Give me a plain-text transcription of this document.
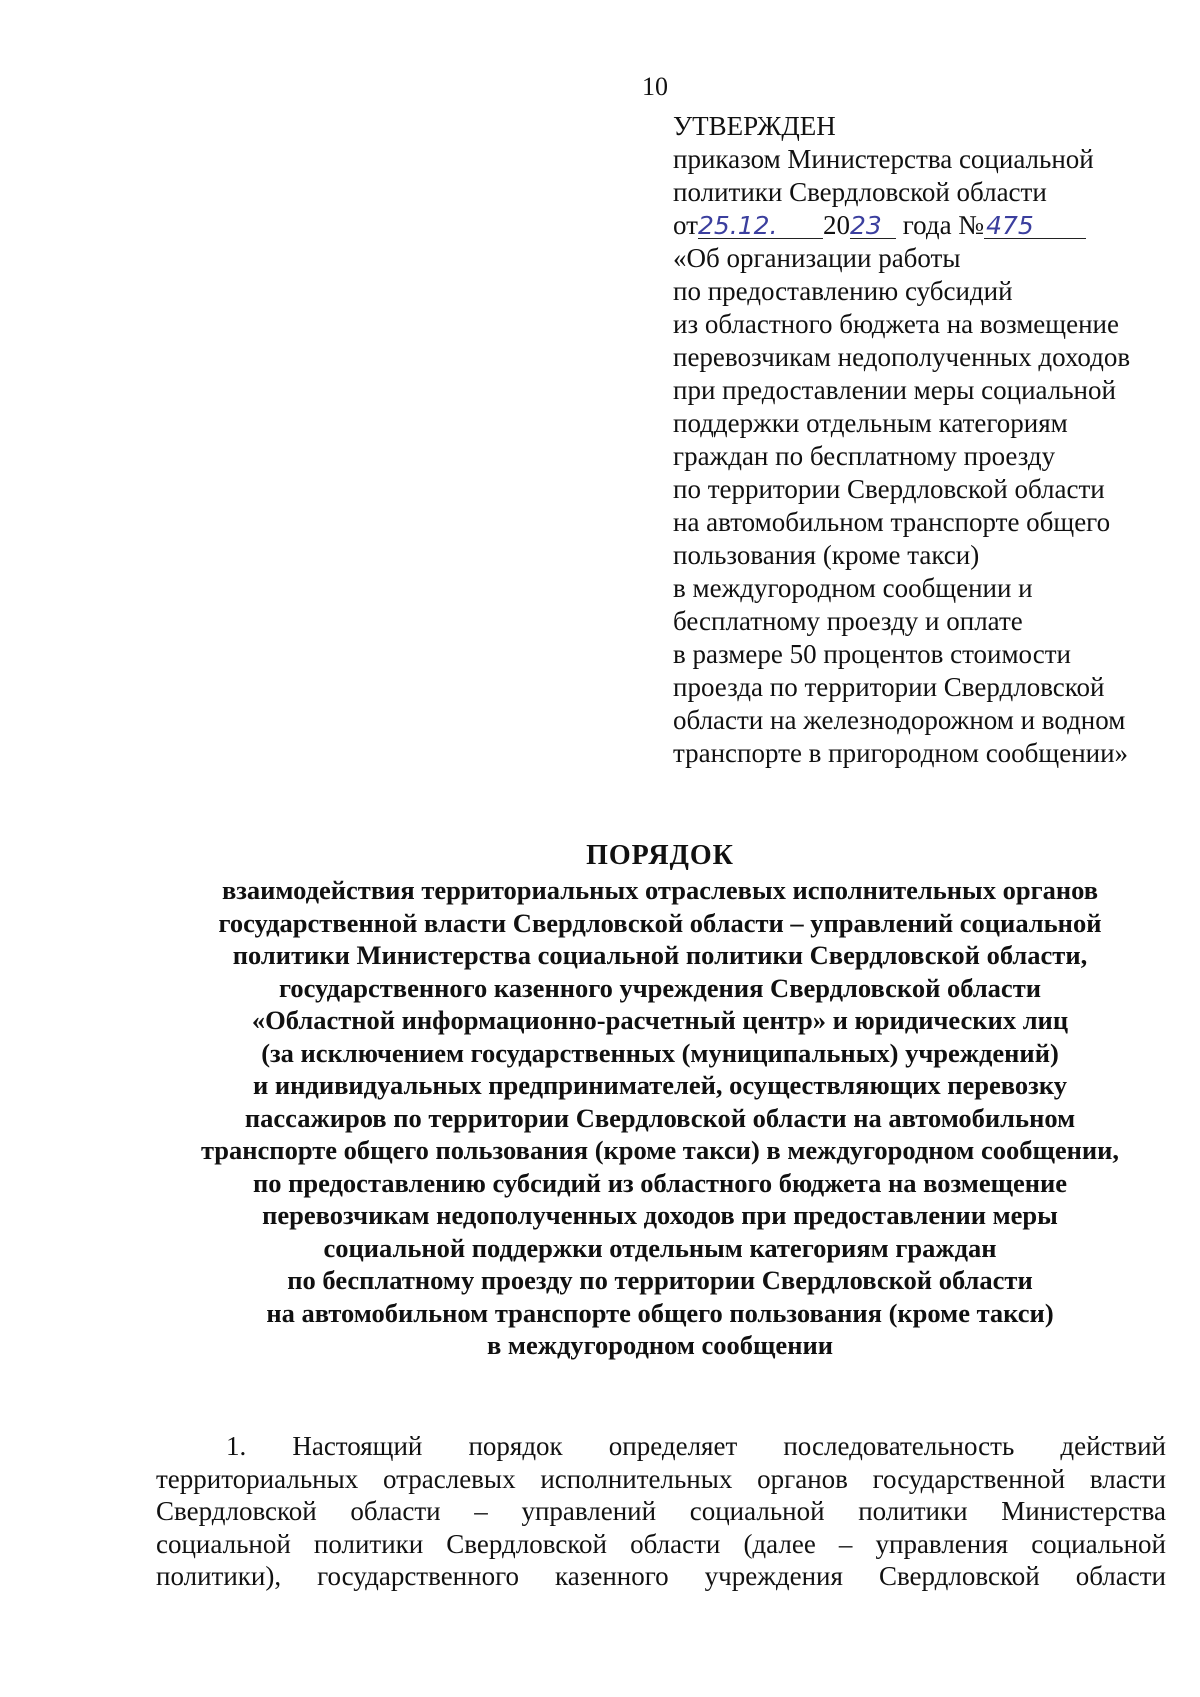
10
УТВЕРЖДЕН
приказом Министерства социальной
политики Свердловской области
от25.12. 2023 года №475
«Об организации работы
по предоставлению субсидий
из областного бюджета на возмещение
перевозчикам недополученных доходов
при предоставлении меры социальной
поддержки отдельным категориям
граждан по бесплатному проезду
по территории Свердловской области
на автомобильном транспорте общего
пользования (кроме такси)
в междугородном сообщении и
бесплатному проезду и оплате
в размере 50 процентов стоимости
проезда по территории Свердловской
области на железнодорожном и водном
транспорте в пригородном сообщении»
ПОРЯДОК
взаимодействия территориальных отраслевых исполнительных органов
государственной власти Свердловской области – управлений социальной
политики Министерства социальной политики Свердловской области,
государственного казенного учреждения Свердловской области
«Областной информационно-расчетный центр» и юридических лиц
(за исключением государственных (муниципальных) учреждений)
и индивидуальных предпринимателей, осуществляющих перевозку
пассажиров по территории Свердловской области на автомобильном
транспорте общего пользования (кроме такси) в междугородном сообщении,
по предоставлению субсидий из областного бюджета на возмещение
перевозчикам недополученных доходов при предоставлении меры
социальной поддержки отдельным категориям граждан
по бесплатному проезду по территории Свердловской области
на автомобильном транспорте общего пользования (кроме такси)
в междугородном сообщении
1. Настоящий порядок определяет последовательность действий
территориальных отраслевых исполнительных органов государственной власти
Свердловской области – управлений социальной политики Министерства
социальной политики Свердловской области (далее – управления социальной
политики), государственного казенного учреждения Свердловской области
